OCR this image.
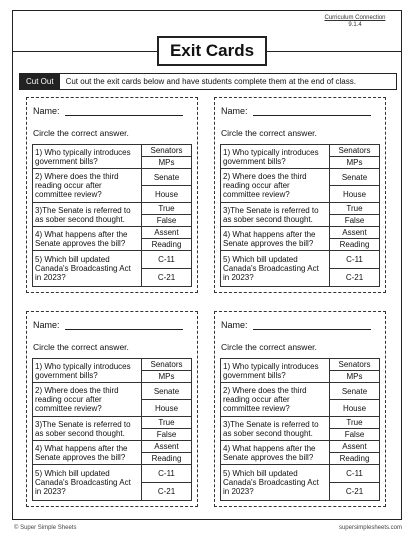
Curriculum Connection
9.1.4
Exit Cards
Cut Out	Cut out the exit cards below and have students complete them at the end of class.
Name:
Circle the correct answer.
1) Who typically introduces government bills?	Senators
	MPs
2) Where does the third reading occur after committee review?	Senate
	House
3)The Senate is referred to as sober second thought.	True
	False
4) What happens after the Senate approves the bill?	Assent
	Reading
5) Which bill updated Canada's Broadcasting Act in 2023?	C-11
	C-21
Name:
Circle the correct answer.
1) Who typically introduces government bills?	Senators
	MPs
2) Where does the third reading occur after committee review?	Senate
	House
3)The Senate is referred to as sober second thought.	True
	False
4) What happens after the Senate approves the bill?	Assent
	Reading
5) Which bill updated Canada's Broadcasting Act in 2023?	C-11
	C-21
Name:
Circle the correct answer.
1) Who typically introduces government bills?	Senators
	MPs
2) Where does the third reading occur after committee review?	Senate
	House
3)The Senate is referred to as sober second thought.	True
	False
4) What happens after the Senate approves the bill?	Assent
	Reading
5) Which bill updated Canada's Broadcasting Act in 2023?	C-11
	C-21
Name:
Circle the correct answer.
1) Who typically introduces government bills?	Senators
	MPs
2) Where does the third reading occur after committee review?	Senate
	House
3)The Senate is referred to as sober second thought.	True
	False
4) What happens after the Senate approves the bill?	Assent
	Reading
5) Which bill updated Canada's Broadcasting Act in 2023?	C-11
	C-21
© Super Simple Sheets	supersimplesheets.com
